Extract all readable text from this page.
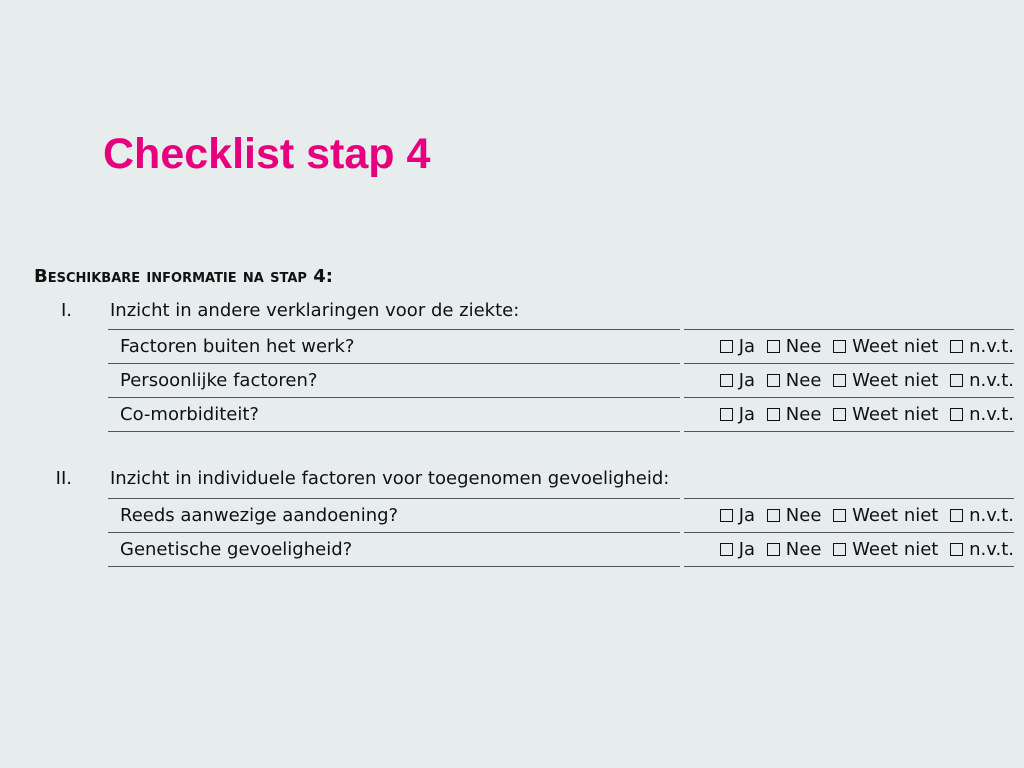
Checklist stap 4
Beschikbare informatie na stap 4:
I. Inzicht in andere verklaringen voor de ziekte:
Factoren buiten het werk?	Ja Nee Weet niet n.v.t.
Persoonlijke factoren?	Ja Nee Weet niet n.v.t.
Co-morbiditeit?	Ja Nee Weet niet n.v.t.
II. Inzicht in individuele factoren voor toegenomen gevoeligheid:
Reeds aanwezige aandoening?	Ja Nee Weet niet n.v.t.
Genetische gevoeligheid?	Ja Nee Weet niet n.v.t.
